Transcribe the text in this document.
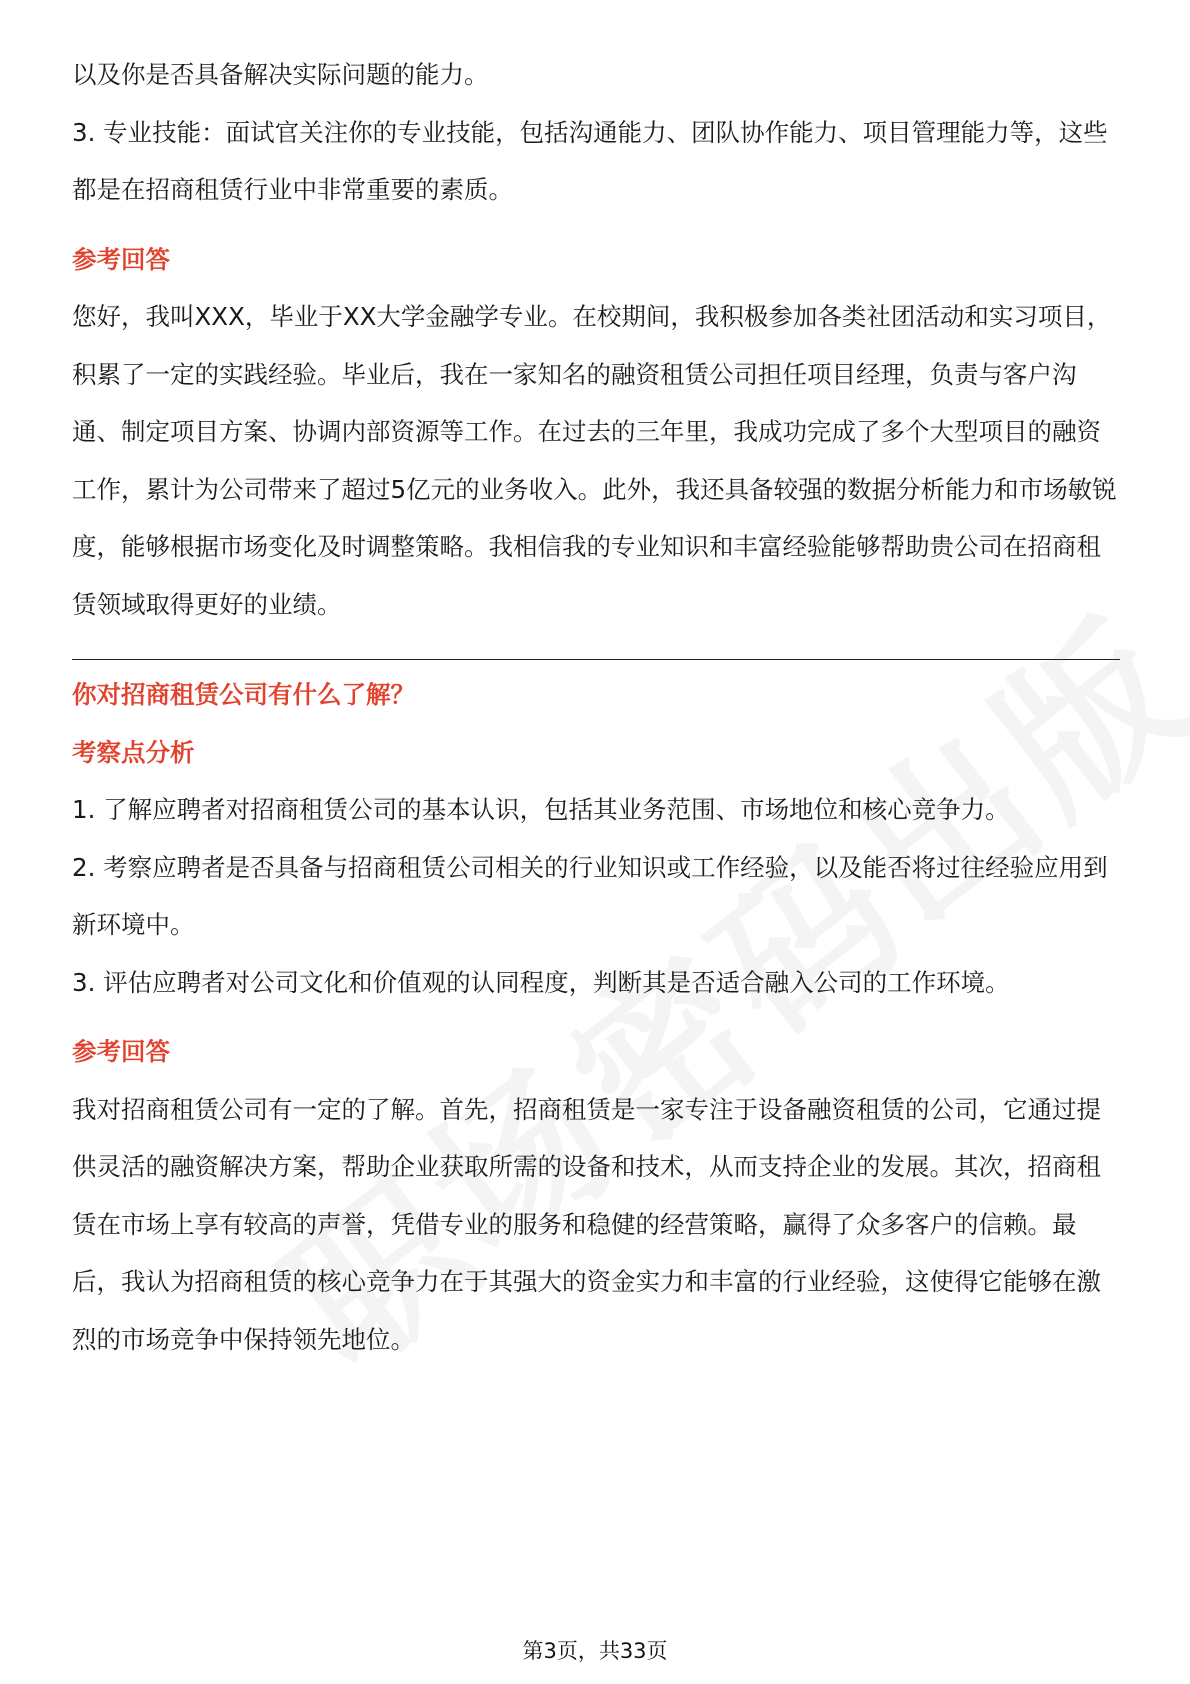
以及你是否具备解决实际问题的能力。

3. 专业技能：面试官关注你的专业技能，包括沟通能力、团队协作能力、项目管理能力等，这些都是在招商租赁行业中非常重要的素质。

参考回答

您好，我叫XXX，毕业于XX大学金融学专业。在校期间，我积极参加各类社团活动和实习项目，积累了一定的实践经验。毕业后，我在一家知名的融资租赁公司担任项目经理，负责与客户沟通、制定项目方案、协调内部资源等工作。在过去的三年里，我成功完成了多个大型项目的融资工作，累计为公司带来了超过5亿元的业务收入。此外，我还具备较强的数据分析能力和市场敏锐度，能够根据市场变化及时调整策略。我相信我的专业知识和丰富经验能够帮助贵公司在招商租赁领域取得更好的业绩。

你对招商租赁公司有什么了解？

考察点分析

1. 了解应聘者对招商租赁公司的基本认识，包括其业务范围、市场地位和核心竞争力。

2. 考察应聘者是否具备与招商租赁公司相关的行业知识或工作经验，以及能否将过往经验应用到新环境中。

3. 评估应聘者对公司文化和价值观的认同程度，判断其是否适合融入公司的工作环境。

参考回答

我对招商租赁公司有一定的了解。首先，招商租赁是一家专注于设备融资租赁的公司，它通过提供灵活的融资解决方案，帮助企业获取所需的设备和技术，从而支持企业的发展。其次，招商租赁在市场上享有较高的声誉，凭借专业的服务和稳健的经营策略，赢得了众多客户的信赖。最后，我认为招商租赁的核心竞争力在于其强大的资金实力和丰富的行业经验，这使得它能够在激烈的市场竞争中保持领先地位。

第3页，共33页
